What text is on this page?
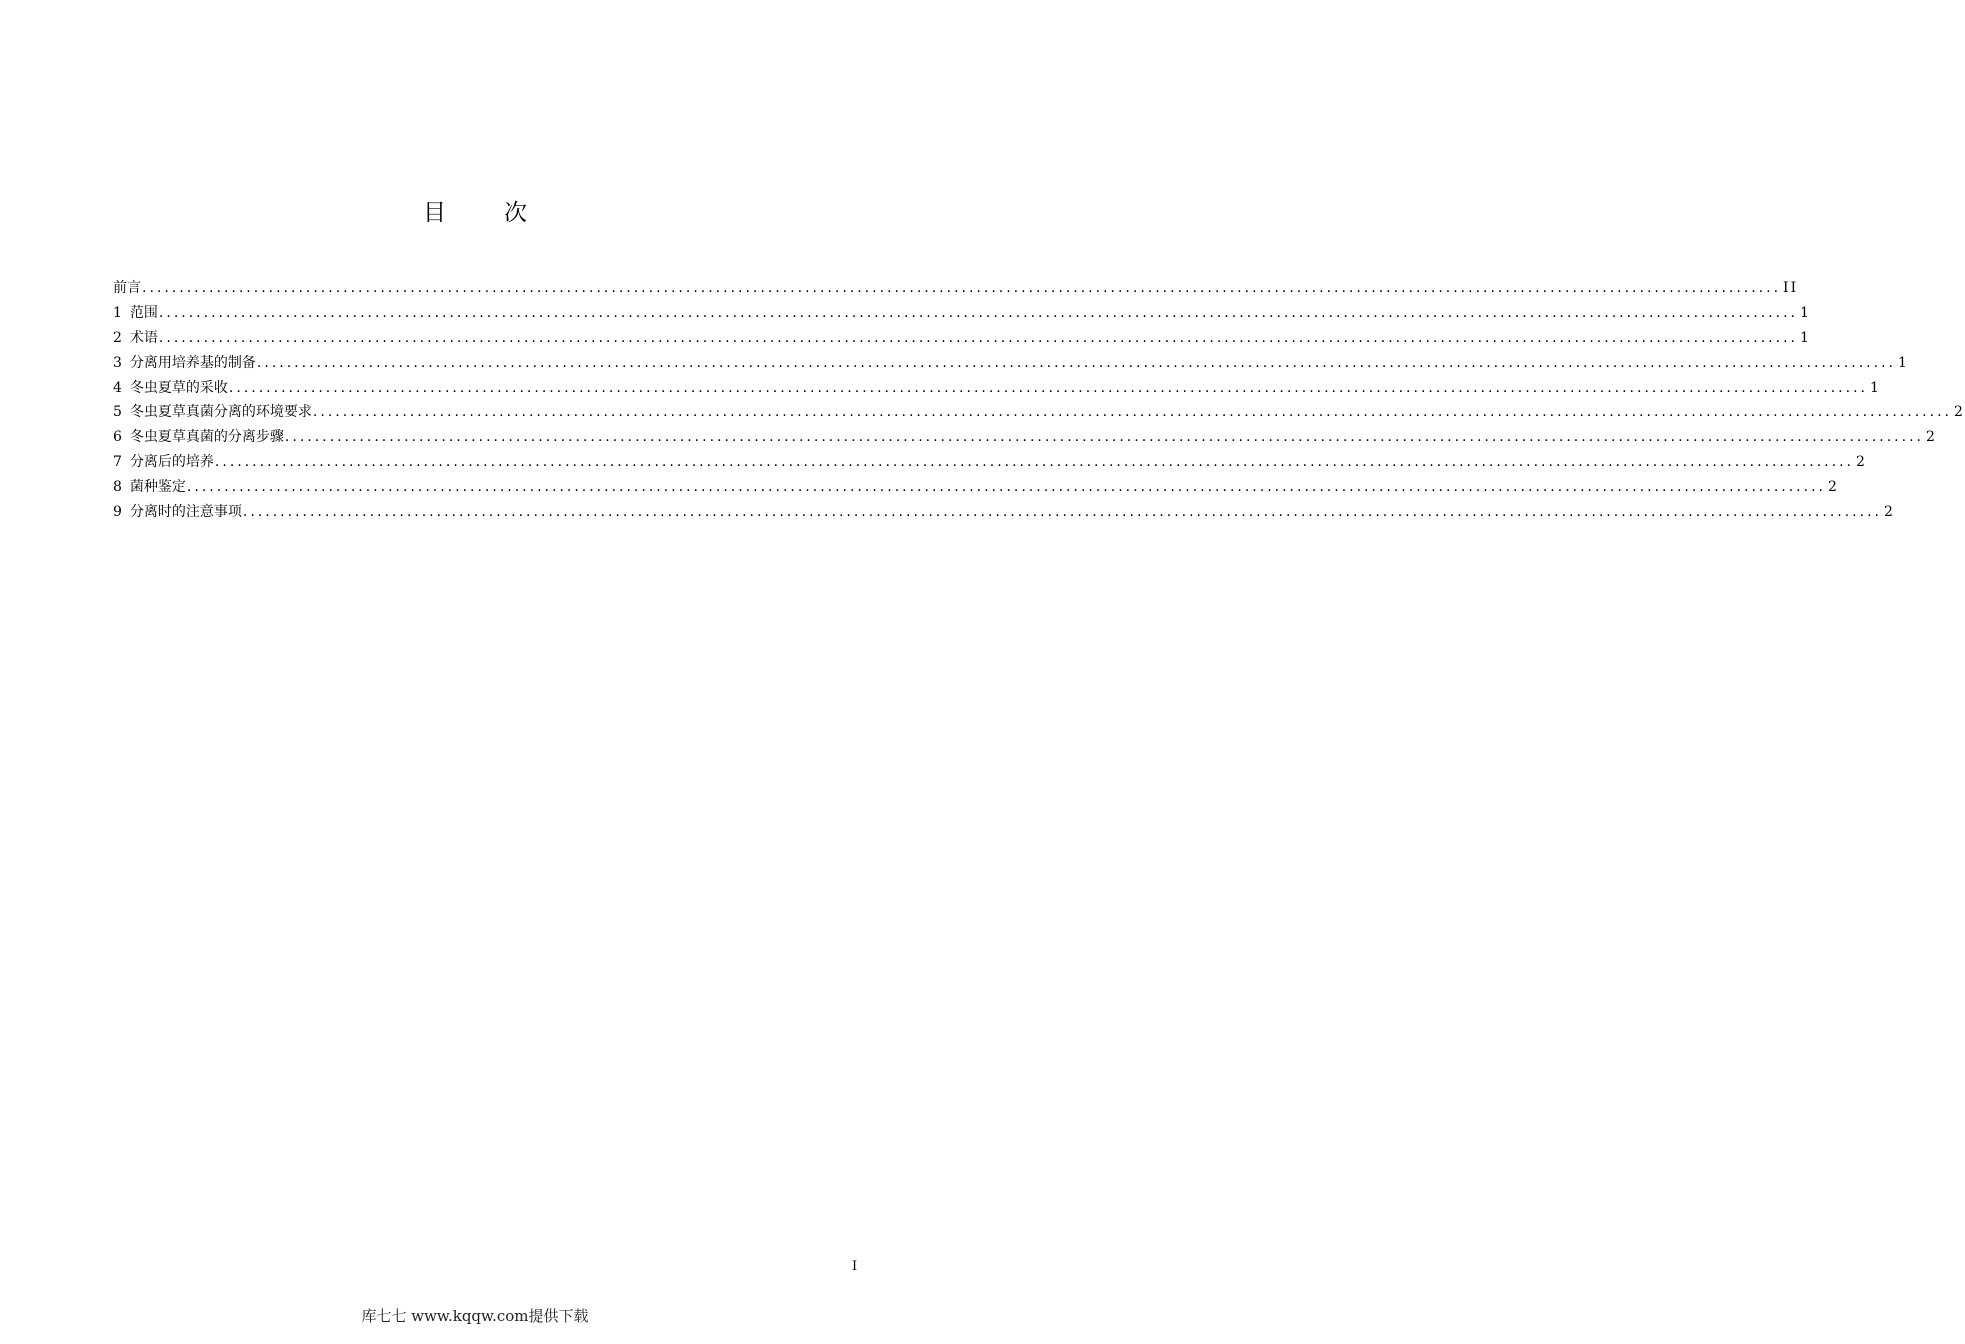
目次
前言 ............................................................................................................................................................................................................................ II
1 范围 ............................................................................................................................................................................................................................ 1
2 术语 ............................................................................................................................................................................................................................ 1
3 分离用培养基的制备 ............................................................................................................................................................................................................................ 1
4 冬虫夏草的采收 ............................................................................................................................................................................................................................ 1
5 冬虫夏草真菌分离的环境要求 ............................................................................................................................................................................................................................ 2
6 冬虫夏草真菌的分离步骤 ............................................................................................................................................................................................................................ 2
7 分离后的培养 ............................................................................................................................................................................................................................ 2
8 菌种鉴定 ............................................................................................................................................................................................................................ 2
9 分离时的注意事项 ............................................................................................................................................................................................................................ 2
I
库七七 www.kqqw.com提供下载
